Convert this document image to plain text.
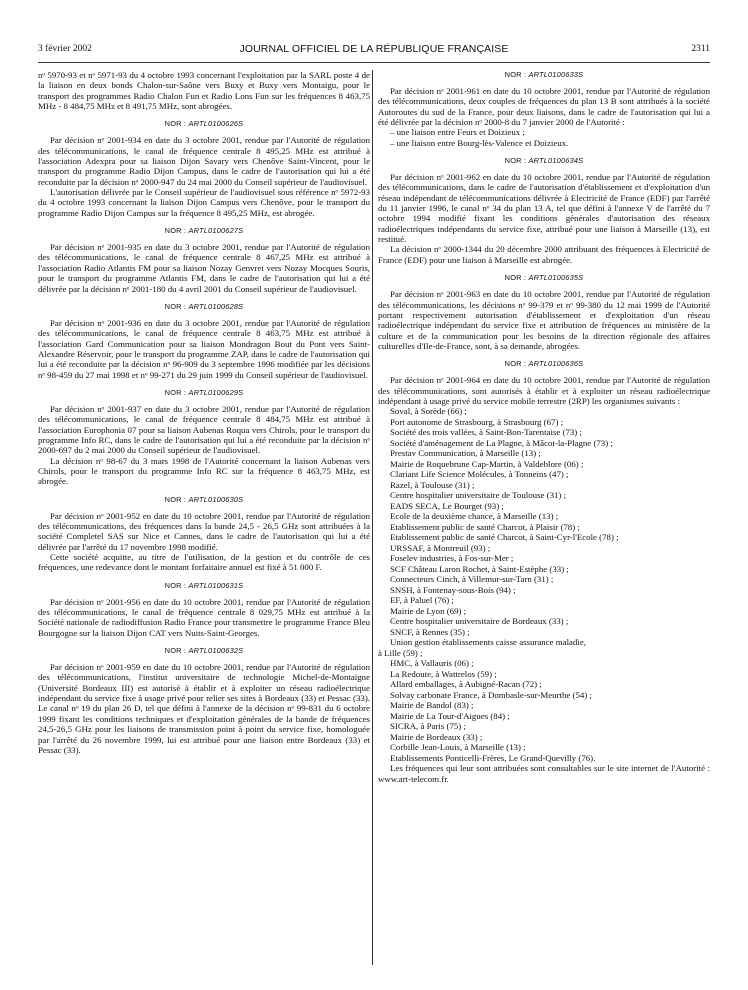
3 février 2002	JOURNAL OFFICIEL DE LA RÉPUBLIQUE FRANÇAISE	2311

nᵒ 5970-93 et nᵒ 5971-93 du 4 octobre 1993 concernant l'exploitation par la SARL poste 4 de la liaison en deux bonds Chalon-sur-Saône vers Buxy et Buxy vers Montaigu, pour le transport des programmes Radio Chalon Fun et Radio Lons Fun sur les fréquences 8 463,75 MHz - 8 484,75 MHz et 8 491,75 MHz, sont abrogées.

NOR : ARTL0100626S

Par décision nᵒ 2001-934 en date du 3 octobre 2001, rendue par l'Autorité de régulation des télécommunications, le canal de fréquence centrale 8 495,25 MHz est attribué à l'association Adexpra pour sa liaison Dijon Savary vers Chenôve Saint-Vincent, pour le transport du programme Radio Dijon Campus, dans le cadre de l'autorisation qui lui a été reconduite par la décision nᵒ 2000-947 du 24 mai 2000 du Conseil supérieur de l'audiovisuel.

L'autorisation délivrée par le Conseil supérieur de l'audiovisuel sous référence nᵒ 5972-93 du 4 octobre 1993 concernant la liaison Dijon Campus vers Chenôve, pour le transport du programme Radio Dijon Campus sur la fréquence 8 495,25 MHz, est abrogée.

NOR : ARTL0100627S

Par décision nᵒ 2001-935 en date du 3 octobre 2001, rendue par l'Autorité de régulation des télécommunications, le canal de fréquence centrale 8 467,25 MHz est attribué à l'association Radio Atlantis FM pour sa liaison Nozay Genvret vers Nozay Mocques Souris, pour le transport du programme Atlantis FM, dans le cadre de l'autorisation qui lui a été délivrée par la décision nᵒ 2001-180 du 4 avril 2001 du Conseil supérieur de l'audiovisuel.

NOR : ARTL0100628S

Par décision nᵒ 2001-936 en date du 3 octobre 2001, rendue par l'Autorité de régulation des télécommunications, le canal de fréquence centrale 8 463,75 MHz est attribué à l'association Gard Communication pour sa liaison Mondragon Bout du Pont vers Saint-Alexandre Réservoir, pour le transport du programme ZAP, dans le cadre de l'autorisation qui lui a été reconduite par la décision nᵒ 96-909 du 3 septembre 1996 modifiée par les décisions nᵒ 98-459 du 27 mai 1998 et nᵒ 99-271 du 29 juin 1999 du Conseil supérieur de l'audiovisuel.

NOR : ARTL0100629S

Par décision nᵒ 2001-937 en date du 3 octobre 2001, rendue par l'Autorité de régulation des télécommunications, le canal de fréquence centrale 8 484,75 MHz est attribué à l'association Europhonia 07 pour sa liaison Aubenas Roqua vers Chirols, pour le transport du programme Info RC, dans le cadre de l'autorisation qui lui a été reconduite par la décision nᵒ 2000-697 du 2 mai 2000 du Conseil supérieur de l'audiovisuel.

La décision nᵒ 98-67 du 3 mars 1998 de l'Autorité concernant la liaison Aubenas vers Chirols, pour le transport du programme Info RC sur la fréquence 8 463,75 MHz, est abrogée.

NOR : ARTL0100630S

Par décision nᵒ 2001-952 en date du 10 octobre 2001, rendue par l'Autorité de régulation des télécommunications, des fréquences dans la bande 24,5 - 26,5 GHz sont attribuées à la société Completel SAS sur Nice et Cannes, dans le cadre de l'autorisation qui lui a été délivrée par l'arrêté du 17 novembre 1998 modifié.

Cette société acquitte, au titre de l'utilisation, de la gestion et du contrôle de ces fréquences, une redevance dont le montant forfaitaire annuel est fixé à 51 000 F.

NOR : ARTL0100631S

Par décision nᵒ 2001-956 en date du 10 octobre 2001, rendue par l'Autorité de régulation des télécommunications, le canal de fréquence centrale 8 029,75 MHz est attribué à la Société nationale de radiodiffusion Radio France pour transmettre le programme France Bleu Bourgogne sur la liaison Dijon CAT vers Nuits-Saint-Georges.

NOR : ARTL0100632S

Par décision nᵒ 2001-959 en date du 10 octobre 2001, rendue par l'Autorité de régulation des télécommunications, l'institut universitaire de technologie Michel-de-Montaigne (Université Bordeaux III) est autorisé à établir et à exploiter un réseau radioélectrique indépendant du service fixe à usage privé pour relier ses sites à Bordeaux (33) et Pessac (33). Le canal nᵒ 19 du plan 26 D, tel que défini à l'annexe de la décision nᵒ 99-831 du 6 octobre 1999 fixant les conditions techniques et d'exploitation générales de la bande de fréquences 24,5-26,5 GHz pour les liaisons de transmission point à point du service fixe, homologuée par l'arrêté du 26 novembre 1999, lui est attribué pour une liaison entre Bordeaux (33) et Pessac (33).

NOR : ARTL0100633S

Par décision nᵒ 2001-961 en date du 10 octobre 2001, rendue par l'Autorité de régulation des télécommunications, deux couples de fréquences du plan 13 B sont attribués à la société Autoroutes du sud de la France, pour deux liaisons, dans le cadre de l'autorisation qui lui a été délivrée par la décision nᵒ 2000-8 du 7 janvier 2000 de l'Autorité :

– une liaison entre Feurs et Doizieux ;
– une liaison entre Bourg-lès-Valence et Doizieux.
NOR : ARTL0100634S

Par décision nᵒ 2001-962 en date du 10 octobre 2001, rendue par l'Autorité de régulation des télécommunications, dans le cadre de l'autorisation d'établissement et d'exploitation d'un réseau indépendant de télécommunications délivrée à Electricité de France (EDF) par l'arrêté du 11 janvier 1996, le canal nᵒ 34 du plan 13 A, tel que défini à l'annexe V de l'arrêté du 7 octobre 1994 modifié fixant les conditions générales d'autorisation des réseaux radioélectriques indépendants du service fixe, attribué pour une liaison à Marseille (13), est restitué.

La décision nᵒ 2000-1344 du 20 décembre 2000 attribuant des fréquences à Electricité de France (EDF) pour une liaison à Marseille est abrogée.

NOR : ARTL0100635S

Par décision nᵒ 2001-963 en date du 10 octobre 2001, rendue par l'Autorité de régulation des télécommunications, les décisions nᵒ 99-379 et nᵒ 99-380 du 12 mai 1999 de l'Autorité portant respectivement autorisation d'établissement et d'exploitation d'un réseau radioélectrique indépendant du service fixe et attribution de fréquences au ministère de la culture et de la communication pour les besoins de la direction régionale des affaires culturelles d'Ile-de-France, sont, à sa demande, abrogées.

NOR : ARTL0100636S

Par décision nᵒ 2001-964 en date du 10 octobre 2001, rendue par l'Autorité de régulation des télécommunications, sont autorisés à établir et à exploiter un réseau radioélectrique indépendant à usage privé du service mobile terrestre (2RP) les organismes suivants :

Soval, à Sorède (66) ;
Port autonome de Strasbourg, à Strasbourg (67) ;
Société des trois vallées, à Saint-Bon-Tarentaise (73) ;
Société d'aménagement de La Plagne, à Mâcot-la-Plagne (73) ;
Prestav Communication, à Marseille (13) ;
Mairie de Roquebrune Cap-Martin, à Valdeblore (06) ;
Clariant Life Science Molécules, à Tonneins (47) ;
Razel, à Toulouse (31) ;
Centre hospitalier universitaire de Toulouse (31) ;
EADS SECA, Le Bourget (93) ;
Ecole de la deuxième chance, à Marseille (13) ;
Etablissement public de santé Charcot, à Plaisir (78) ;
Etablissement public de santé Charcot, à Saint-Cyr-l'Ecole (78) ;
URSSAF, à Montreuil (93) ;
Foselev industries, à Fos-sur-Mer ;
SCF Château Laron Rochet, à Saint-Estèphe (33) ;
Connecteurs Cinch, à Villemur-sur-Tarn (31) ;
SNSH, à Fontenay-sous-Bois (94) ;
EF, à Paluel (76) ;
Mairie de Lyon (69) ;
Centre hospitalier universitaire de Bordeaux (33) ;
SNCF, à Rennes (35) ;
Union gestion établissements caisse assurance maladie,
à Lille (59) ;
HMC, à Vallauris (06) ;
La Redoute, à Wattrelos (59) ;
Allard emballages, à Aubigné-Racan (72) ;
Solvay carbonate France, à Dombasle-sur-Meurthe (54) ;
Mairie de Bandol (83) ;
Mairie de La Tour-d'Aigues (84) ;
SICRA, à Paris (75) ;
Mairie de Bordeaux (33) ;
Corbille Jean-Louis, à Marseille (13) ;
Etablissements Ponticelli-Frères, Le Grand-Quevilly (76).

Les fréquences qui leur sont attribuées sont consultables sur le site internet de l'Autorité : www.art-telecom.fr.
